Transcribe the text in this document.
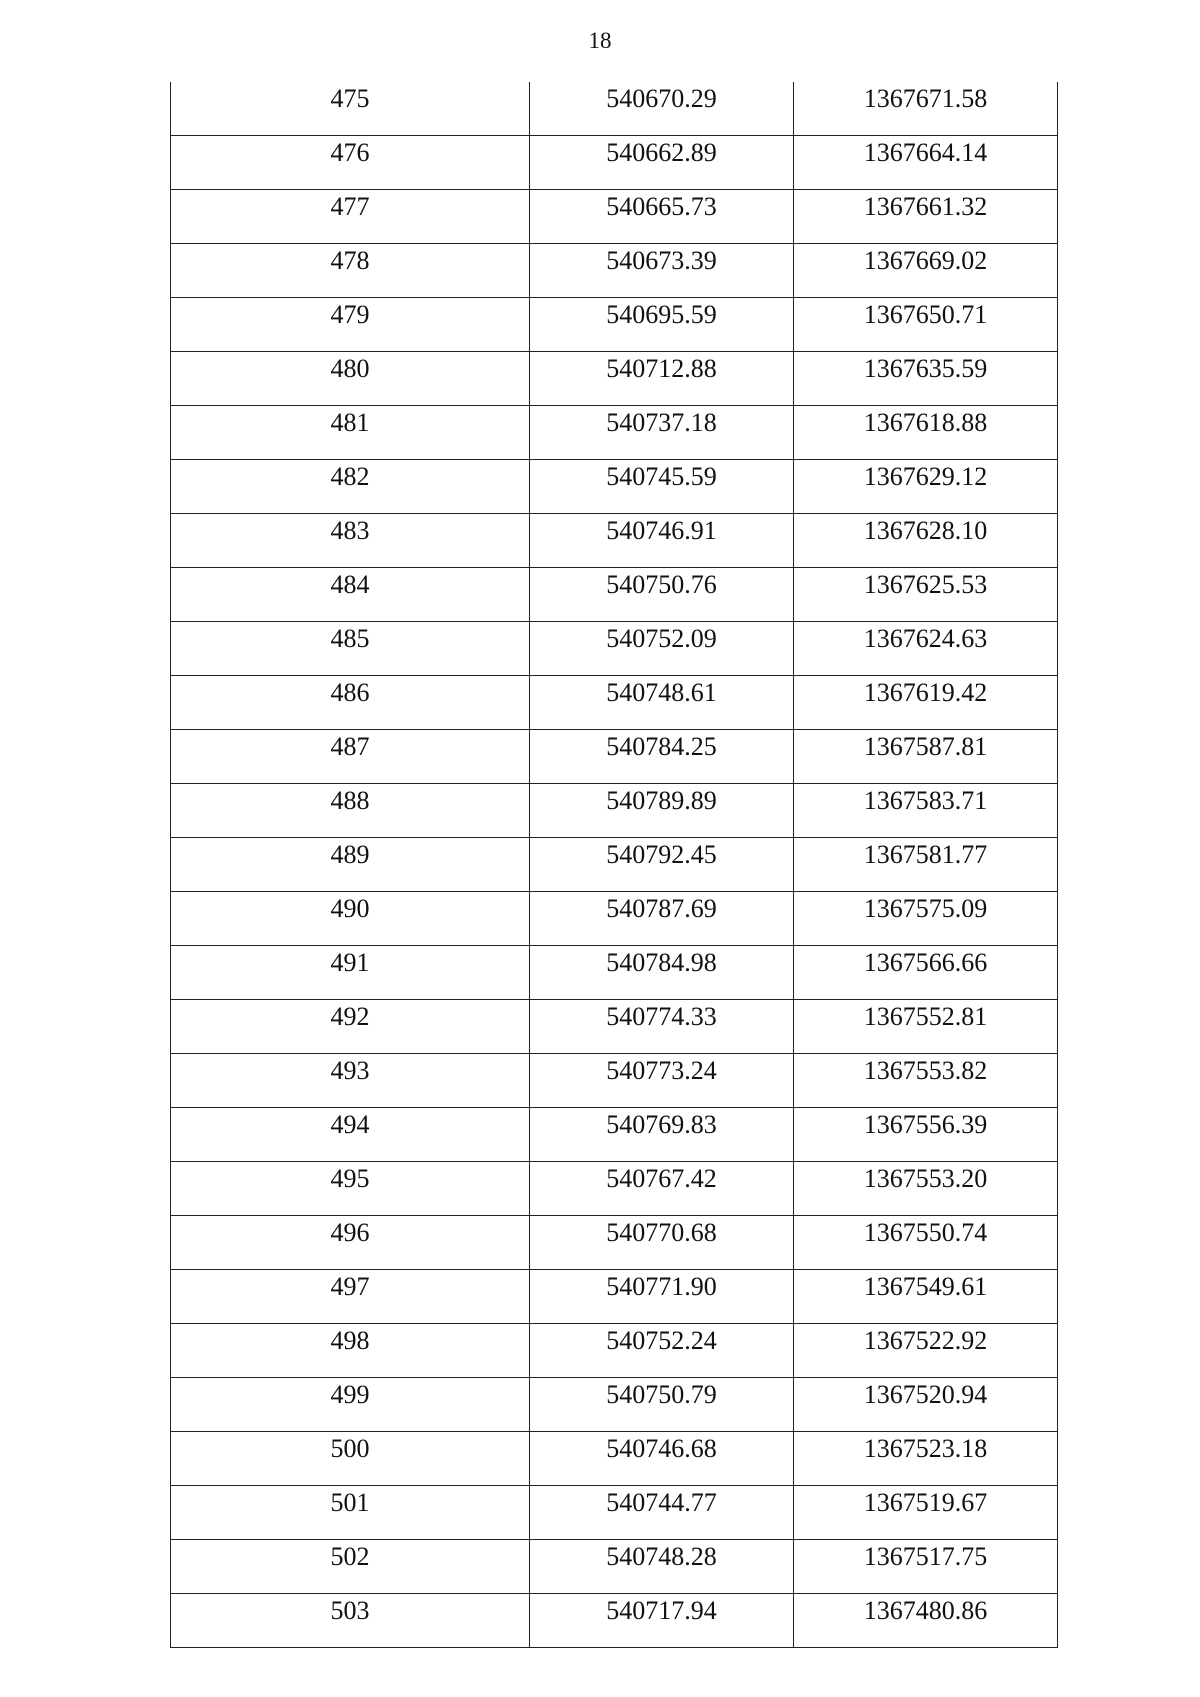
18
475	540670.29	1367671.58

476	540662.89	1367664.14

477	540665.73	1367661.32

478	540673.39	1367669.02

479	540695.59	1367650.71

480	540712.88	1367635.59

481	540737.18	1367618.88

482	540745.59	1367629.12

483	540746.91	1367628.10

484	540750.76	1367625.53

485	540752.09	1367624.63

486	540748.61	1367619.42

487	540784.25	1367587.81

488	540789.89	1367583.71

489	540792.45	1367581.77

490	540787.69	1367575.09

491	540784.98	1367566.66

492	540774.33	1367552.81

493	540773.24	1367553.82

494	540769.83	1367556.39

495	540767.42	1367553.20

496	540770.68	1367550.74

497	540771.90	1367549.61

498	540752.24	1367522.92

499	540750.79	1367520.94

500	540746.68	1367523.18

501	540744.77	1367519.67

502	540748.28	1367517.75

503	540717.94	1367480.86
